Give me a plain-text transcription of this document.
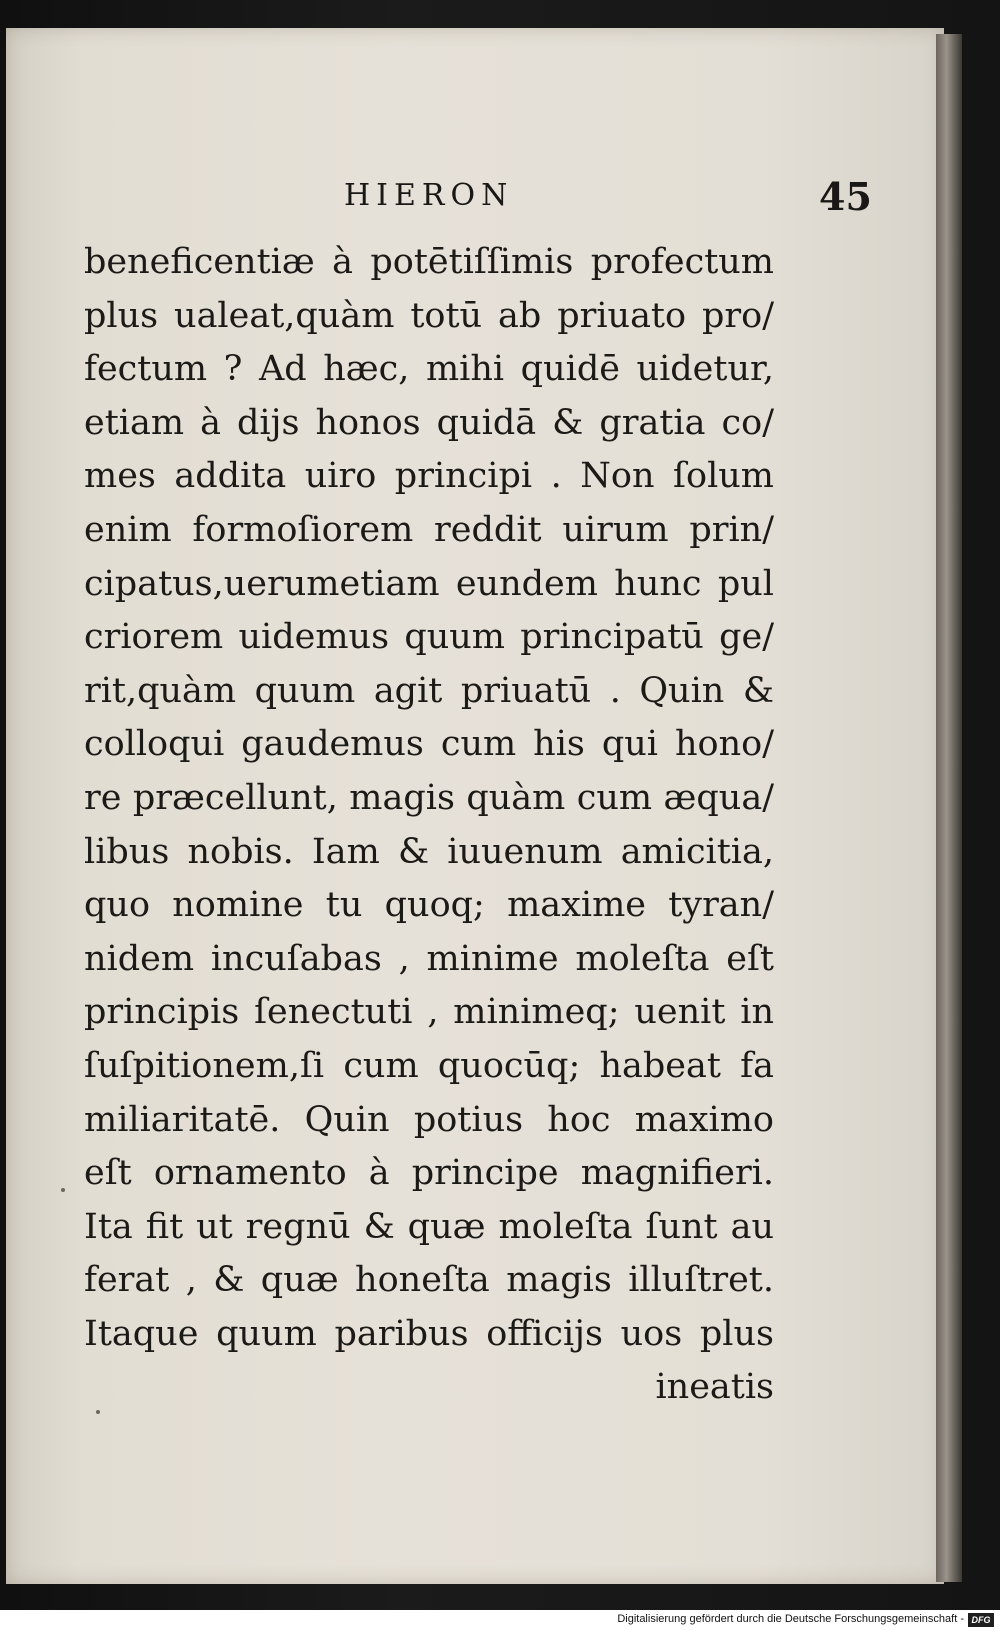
HIERON	45
beneficentiæ à potētiſſimis profectum
plus ualeat,quàm totū ab priuato pro/
fectum ? Ad hæc, mihi quidē uidetur,
etiam à dijs honos quidā & gratia co/
mes addita uiro principi . Non ſolum
enim formoſiorem reddit uirum prin/
cipatus,uerumetiam eundem hunc pul
criorem uidemus quum principatū ge/
rit,quàm quum agit priuatū . Quin &
colloqui gaudemus cum his qui hono/
re præcellunt, magis quàm cum æqua/
libus nobis. Iam & iuuenum amicitia,
quo nomine tu quoq; maxime tyran/
nidem incuſabas , minime moleſta eſt
principis ſenectuti , minimeq; uenit in
ſuſpitionem,ſi cum quocūq; habeat fa
miliaritatē. Quin potius hoc maximo
eſt ornamento à principe magnifieri.
Ita fit ut regnū & quæ moleſta ſunt au
ferat , & quæ honeſta magis illuſtret.
Itaque quum paribus officijs uos plus
ineatis
Digitalisierung gefördert durch die Deutsche Forschungsgemeinschaft - DFG
